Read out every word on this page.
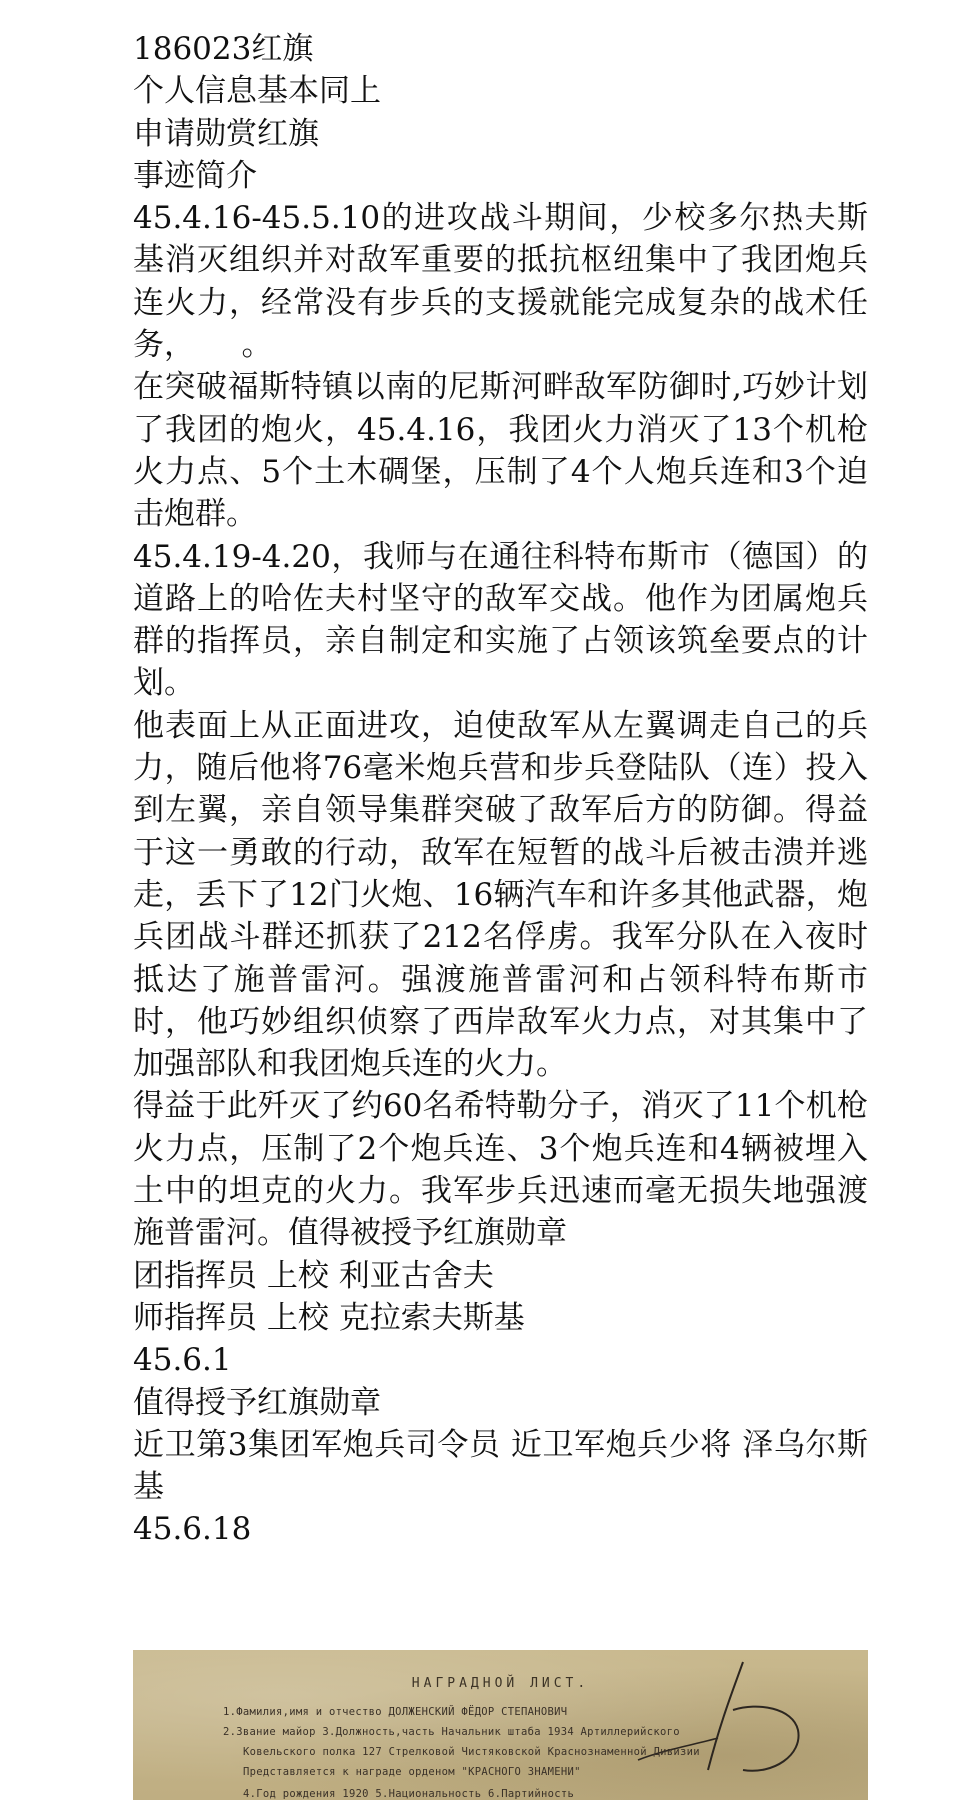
186023红旗

个人信息基本同上

申请勋赏红旗

事迹简介

45.4.16-45.5.10的进攻战斗期间，少校多尔热夫斯基消灭组织并对敌军重要的抵抗枢纽集中了我团炮兵连火力，经常没有步兵的支援就能完成复杂的战术任务，　　。

在突破福斯特镇以南的尼斯河畔敌军防御时,巧妙计划了我团的炮火，45.4.16，我团火力消灭了13个机枪火力点、5个土木碉堡，压制了4个人炮兵连和3个迫击炮群。

45.4.19-4.20，我师与在通往科特布斯市（德国）的道路上的哈佐夫村坚守的敌军交战。他作为团属炮兵群的指挥员，亲自制定和实施了占领该筑垒要点的计划。

他表面上从正面进攻，迫使敌军从左翼调走自己的兵力，随后他将76毫米炮兵营和步兵登陆队（连）投入到左翼，亲自领导集群突破了敌军后方的防御。得益于这一勇敢的行动，敌军在短暂的战斗后被击溃并逃走，丢下了12门火炮、16辆汽车和许多其他武器，炮兵团战斗群还抓获了212名俘虏。我军分队在入夜时抵达了施普雷河。强渡施普雷河和占领科特布斯市时，他巧妙组织侦察了西岸敌军火力点，对其集中了加强部队和我团炮兵连的火力。

得益于此歼灭了约60名希特勒分子，消灭了11个机枪火力点，压制了2个炮兵连、3个炮兵连和4辆被埋入土中的坦克的火力。我军步兵迅速而毫无损失地强渡施普雷河。值得被授予红旗勋章

团指挥员 上校 利亚古舍夫

师指挥员 上校 克拉索夫斯基

45.6.1

值得授予红旗勋章

近卫第3集团军炮兵司令员 近卫军炮兵少将 泽乌尔斯基

45.6.18

НАГРАДНОЙ ЛИСТ.
1.Фамилия,имя и отчество ДОЛЖЕНСКИЙ ФЁДОР СТЕПАНОВИЧ
2.Звание майор 3.Должность,часть Начальник штаба 1934 Артиллерийского
Ковельского полка 127 Стрелковой Чистяковской Краснознаменной Дивизии
Представляется к награде орденом "КРАСНОГО ЗНАМЕНИ"
4.Год рождения 1920 5.Национальность 6.Партийность
